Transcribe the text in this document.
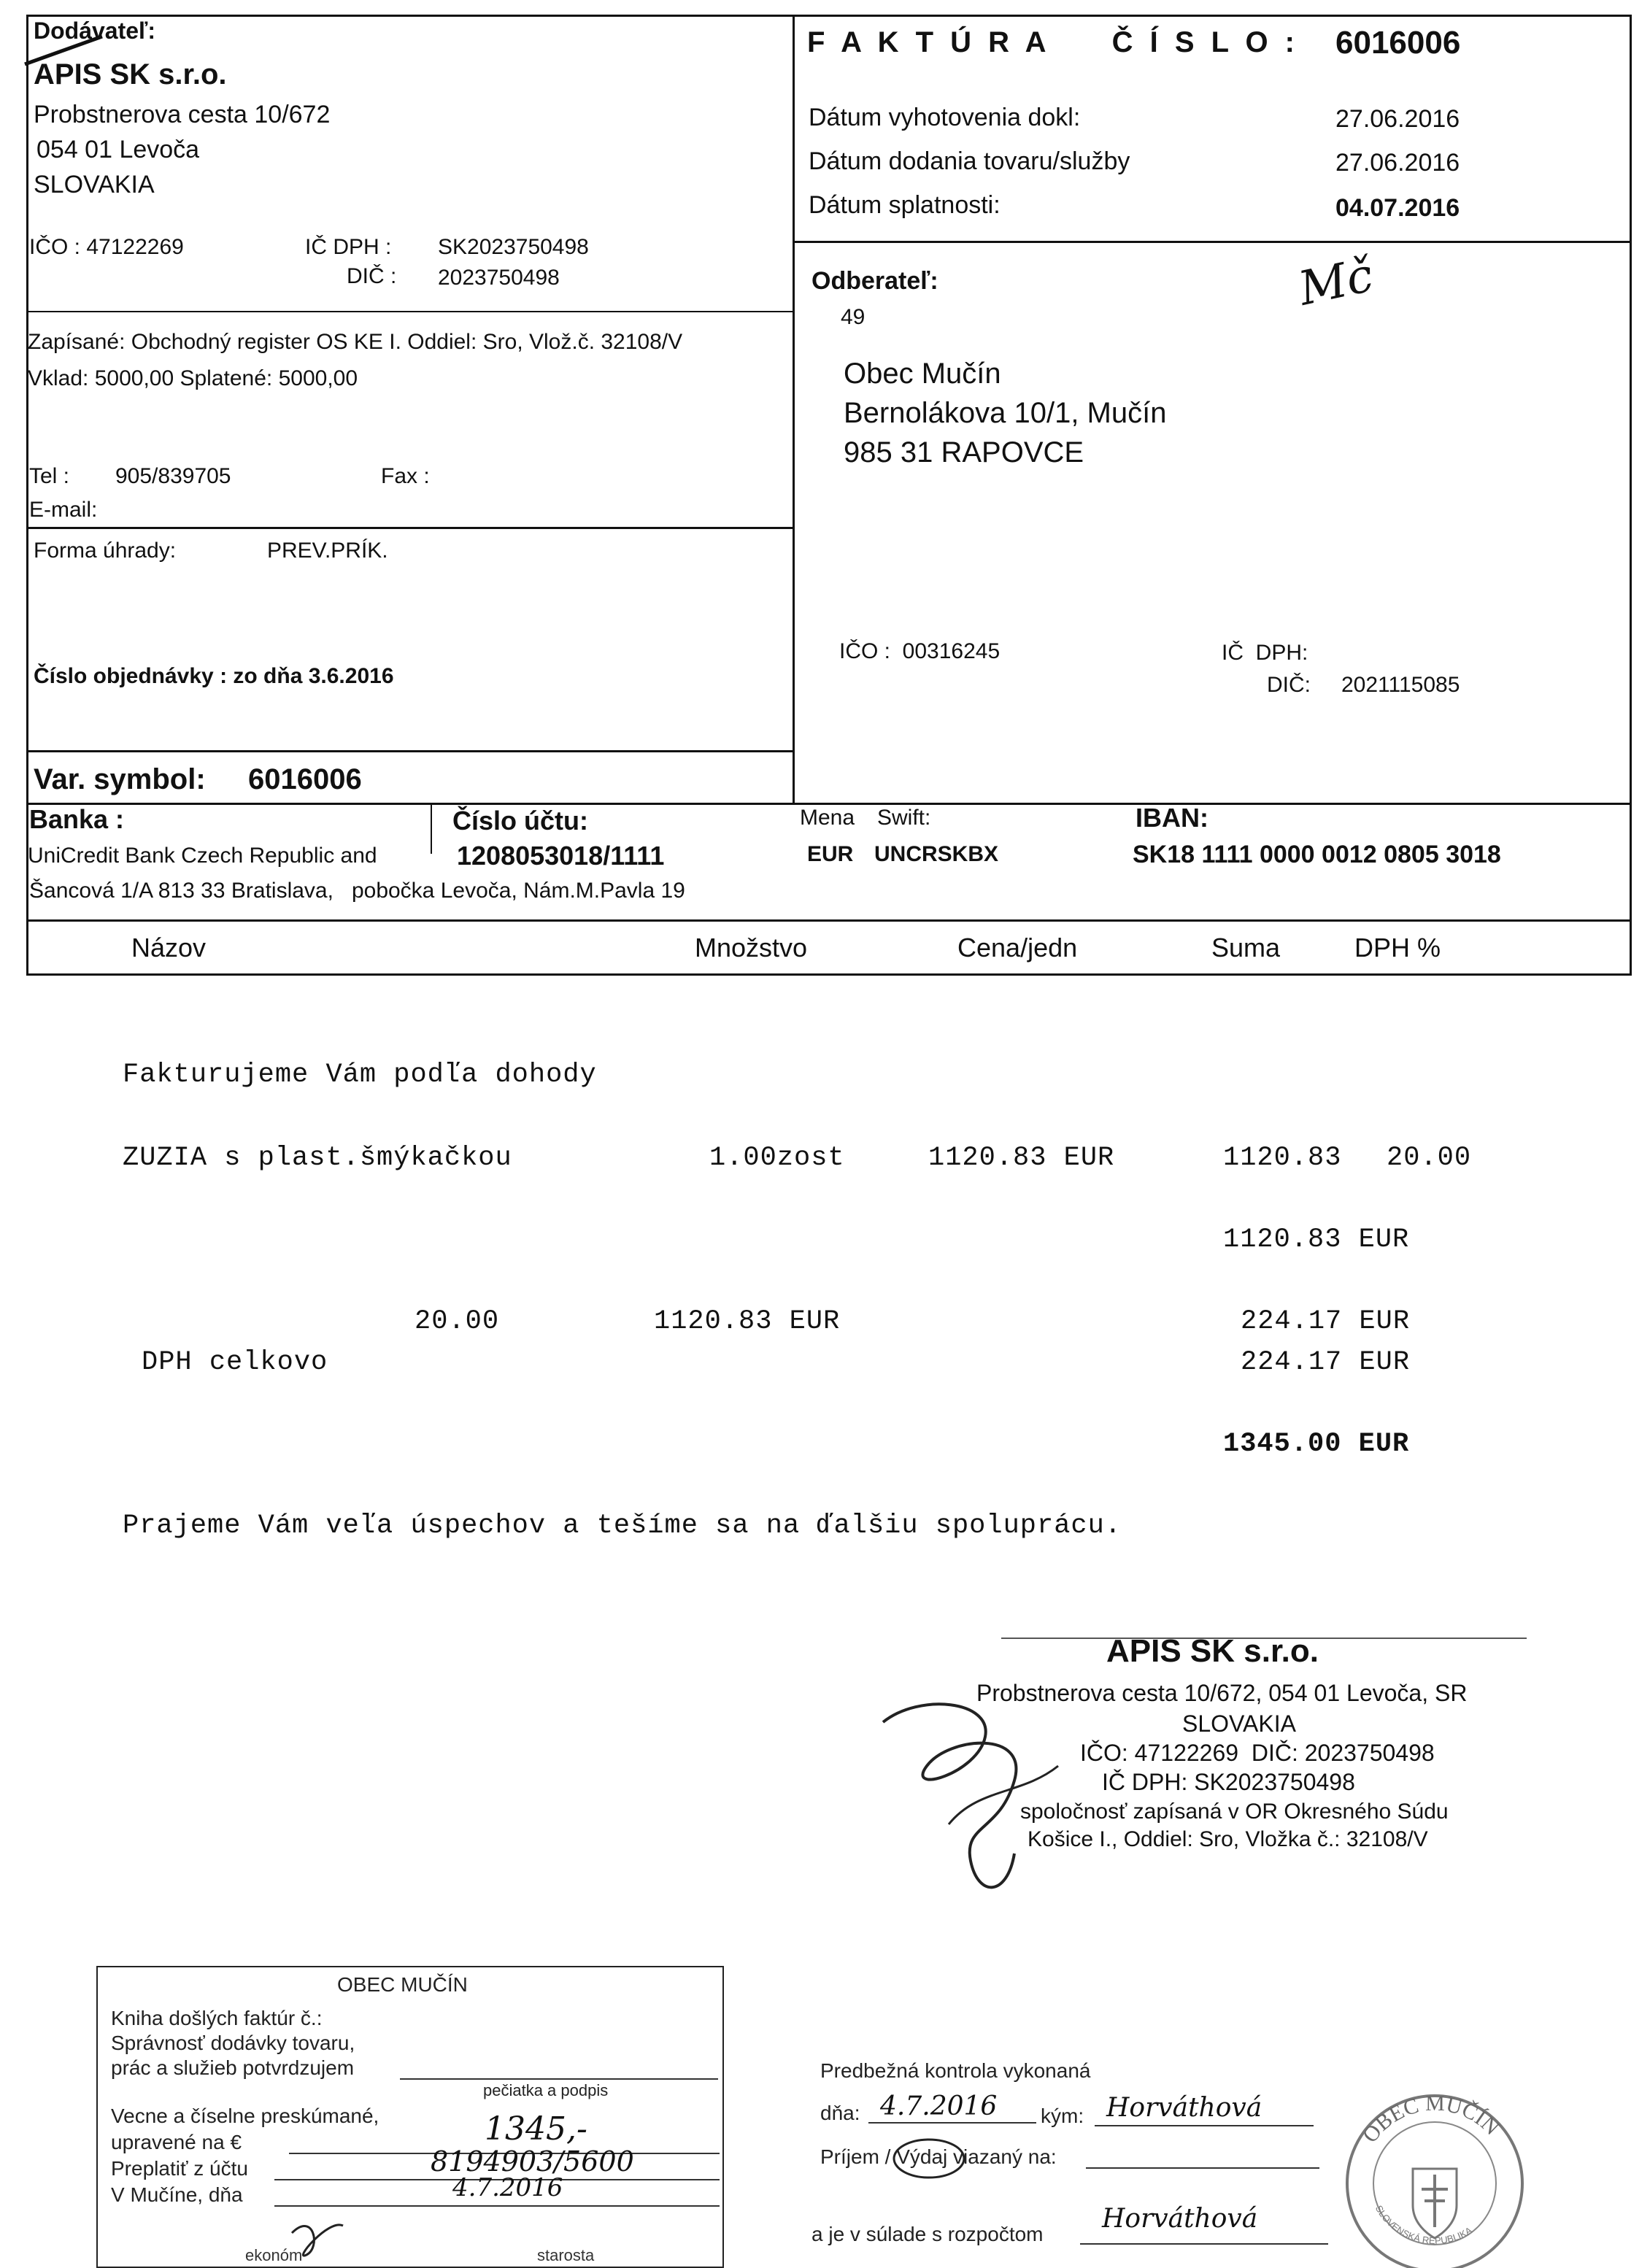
Dodávateľ:
APIS SK s.r.o.
Probstnerova cesta 10/672
054 01 Levoča
SLOVAKIA
IČO : 47122269	IČ DPH : SK2023750498
DIČ : 2023750498
Zapísané: Obchodný register OS KE I. Oddiel: Sro, Vlož.č. 32108/V
Vklad: 5000,00 Splatené: 5000,00
Tel : 905/839705	Fax :
E-mail:
Forma úhrady:	PREV.PRÍK.
Číslo objednávky : zo dňa 3.6.2016
Var. symbol: 6016006
F A K T Ú R A     Č Í S L O : 6016006
Dátum vyhotovenia dokl:	27.06.2016
Dátum dodania tovaru/služby	27.06.2016
Dátum splatnosti:	04.07.2016
Odberateľ:
49
Mč
Obec Mučín
Bernolákova 10/1, Mučín
985 31 RAPOVCE
IČO :  00316245	IČ  DPH:
DIČ: 2021115085
Banka :	Číslo účtu:	Mena Swift:	IBAN:
UniCredit Bank Czech Republic and	1208053018/1111	EUR UNCRSKBX	SK18 1111 0000 0012 0805 3018
Šancová 1/A 813 33 Bratislava,   pobočka Levoča, Nám.M.Pavla 19
Názov	Množstvo	Cena/jedn	Suma	DPH %
Fakturujeme Vám podľa dohody
ZUZIA s plast.šmýkačkou	1.00zost	1120.83 EUR	1120.83 20.00
1120.83 EUR
20.00	1120.83 EUR	224.17 EUR
DPH celkovo	224.17 EUR
1345.00 EUR
Prajeme Vám veľa úspechov a tešíme sa na ďalšiu spoluprácu.
APIS SK s.r.o.
Probstnerova cesta 10/672, 054 01 Levoča, SR
SLOVAKIA
IČO: 47122269  DIČ: 2023750498
IČ DPH: SK2023750498
spoločnosť zapísaná v OR Okresného Súdu
Košice I., Oddiel: Sro, Vložka č.: 32108/V
OBEC MUČÍN
Kniha došlých faktúr č.:
Správnosť dodávky tovaru,
prác a služieb potvrdzujem
pečiatka a podpis
Vecne a číselne preskúmané,
upravené na €	1345,-
Preplatiť z účtu	8194903/5600
V Mučíne, dňa	4.7.2016
ekonóm	starosta
Predbežná kontrola vykonaná
dňa: 4.7.2016 kým: Horváthová
Príjem / Výdaj viazaný na:
a je v súlade s rozpočtom
Horváthová
OBEC MUČÍN
SLOVENSKÁ REPUBLIKA
